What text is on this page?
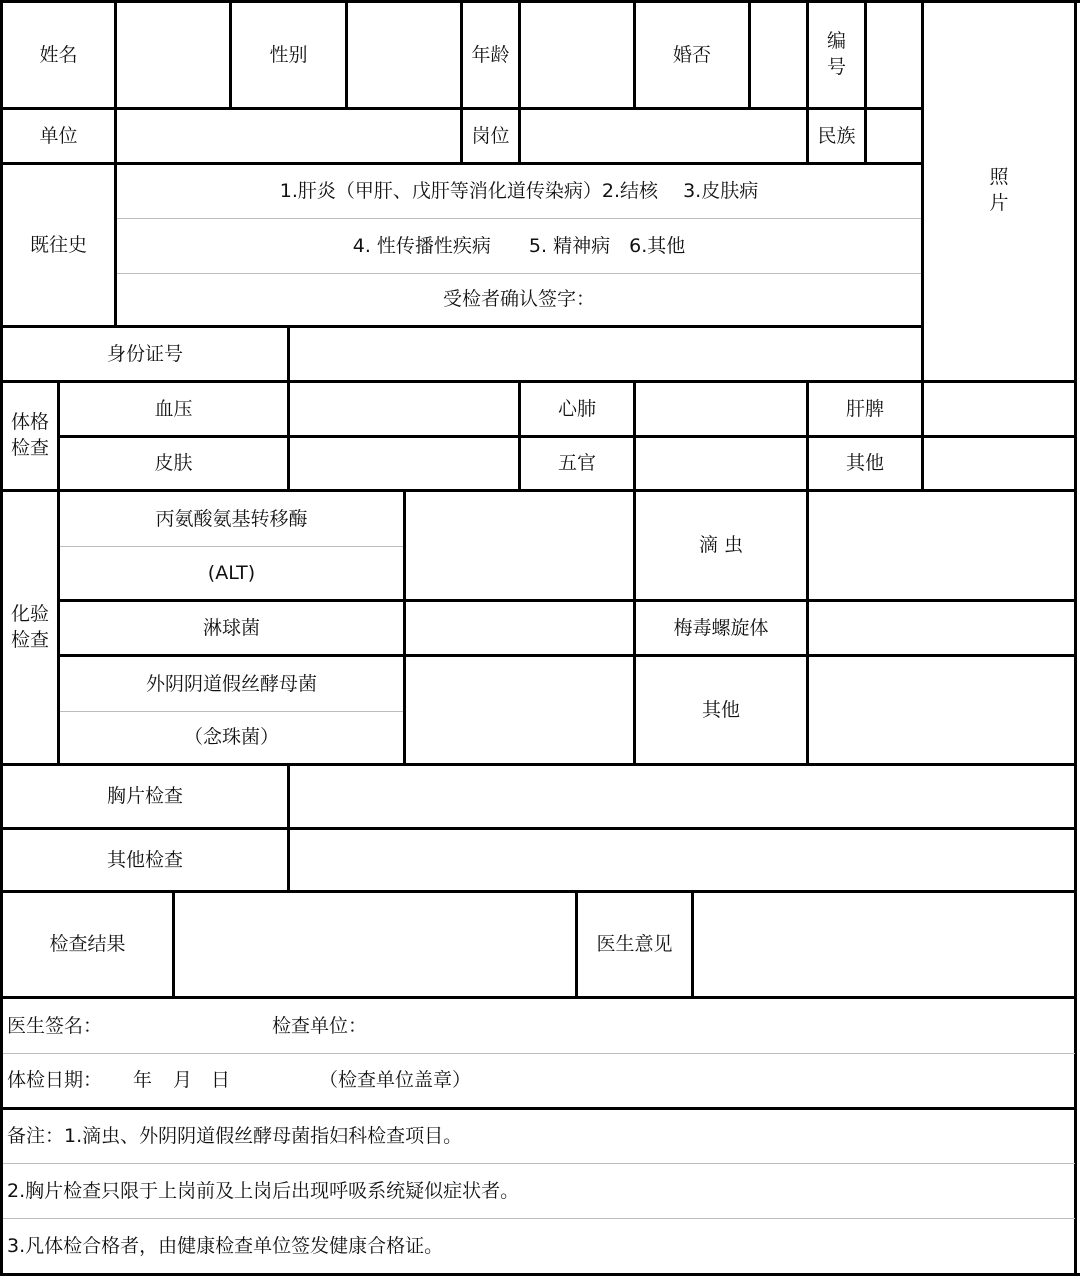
姓名	性别	年龄	婚否
编
号
照
片
单位	岗位	民族
既往史
1.肝炎（甲肝、戊肝等消化道传染病）2.结核　 3.皮肤病
4. 性传播性疾病　　5. 精神病　6.其他
受检者确认签字：
身份证号
体格
检查
血压	心肺	肝脾
皮肤	五官	其他
化验
检查
丙氨酸氨基转移酶
(ALT)
滴 虫
淋球菌	梅毒螺旋体
外阴阴道假丝酵母菌
（念珠菌）
其他
胸片检查
其他检查
检查结果	医生意见
医生签名：	检查单位：
体检日期：	年	月 日	（检查单位盖章）
备注：1.滴虫、外阴阴道假丝酵母菌指妇科检查项目。
2.胸片检查只限于上岗前及上岗后出现呼吸系统疑似症状者。
3.凡体检合格者，由健康检查单位签发健康合格证。
